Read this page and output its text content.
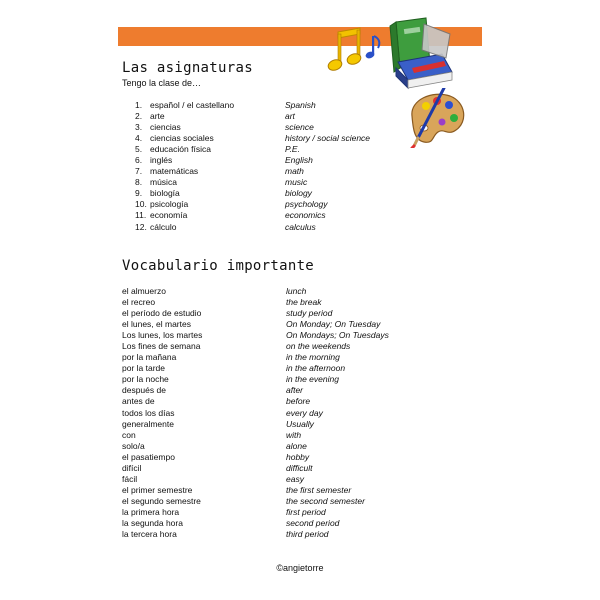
Las asignaturas
Tengo la clase de…
1. español / el castellano	Spanish
2. arte	art
3. ciencias	science
4. ciencias sociales	history / social science
5. educación física	P.E.
6. inglés	English
7. matemáticas	math
8. música	music
9. biología	biology
10. psicología	psychology
11. economía	economics
12. cálculo	calculus
Vocabulario importante
el almuerzo	lunch
el recreo	the break
el período de estudio	study period
el lunes, el martes	On Monday; On Tuesday
Los lunes, los martes	On Mondays; On Tuesdays
Los fines de semana	on the weekends
por la mañana	in the morning
por la tarde	in the afternoon
por la noche	in the evening
después de	after
antes de	before
todos los días	every day
generalmente	Usually
con	with
solo/a	alone
el pasatiempo	hobby
difícil	difficult
fácil	easy
el primer semestre	the first semester
el segundo semestre	the second semester
la primera hora	first period
la segunda hora	second period
la tercera hora	third period
©angietorre
